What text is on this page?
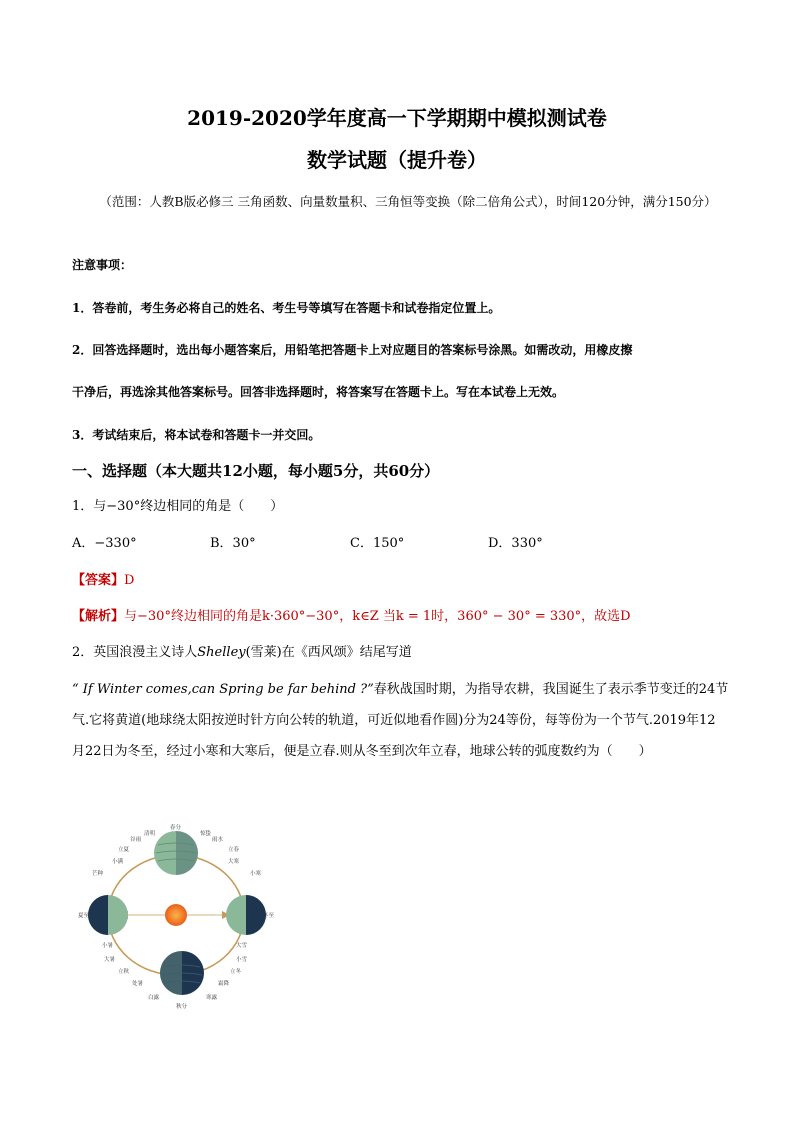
2019-2020学年度高一下学期期中模拟测试卷
数学试题（提升卷）
（范围：人教B版必修三 三角函数、向量数量积、三角恒等变换（除二倍角公式），时间120分钟，满分150分）
注意事项：
1．答卷前，考生务必将自己的姓名、考生号等填写在答题卡和试卷指定位置上。
2．回答选择题时，选出每小题答案后，用铅笔把答题卡上对应题目的答案标号涂黑。如需改动，用橡皮擦
干净后，再选涂其他答案标号。回答非选择题时，将答案写在答题卡上。写在本试卷上无效。
3．考试结束后，将本试卷和答题卡一并交回。
一、选择题（本大题共12小题，每小题5分，共60分）
1．与−30°终边相同的角是（　　）
A．−330°	B．30°	C．150°	D．330°
【答案】D
【解析】与−30°终边相同的角是k·360°−30°，k∈Z 当k = 1时，360° − 30° = 330°，故选D
2．英国浪漫主义诗人Shelley(雪莱)在《西风颂》结尾写道
“ If Winter comes,can Spring be far behind ?”春秋战国时期，为指导农耕，我国诞生了表示季节变迁的24节气.它将黄道(地球绕太阳按逆时针方向公转的轨道，可近似地看作圆)分为24等份，每等份为一个节气.2019年12 月22日为冬至，经过小寒和大寒后，便是立春.则从冬至到次年立春，地球公转的弧度数约为（　　）
春分
秋分
夏至	冬至
清明
谷雨
立夏
小满
芒种
惊蛰
雨水
立春
大寒
小寒
小暑
大暑
立秋
处暑
白露	寒露
霜降
立冬
小雪
大雪
